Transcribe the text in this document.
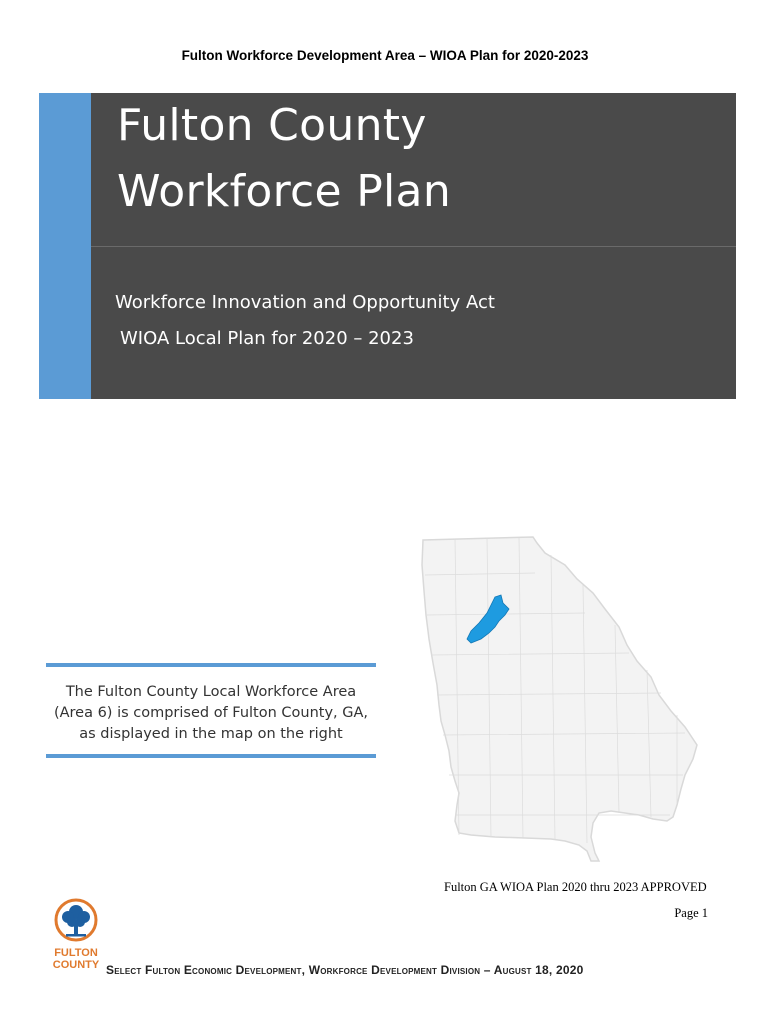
Fulton Workforce Development Area – WIOA Plan for 2020-2023
Fulton County
Workforce Plan
Workforce Innovation and Opportunity Act
WIOA Local Plan for 2020 – 2023
The Fulton County Local Workforce Area
(Area 6) is comprised of Fulton County, GA,
as displayed in the map on the right
Fulton GA WIOA Plan 2020 thru 2023 APPROVED
Page 1
FULTON
COUNTY Select Fulton Economic Development, Workforce Development Division – August 18, 2020
